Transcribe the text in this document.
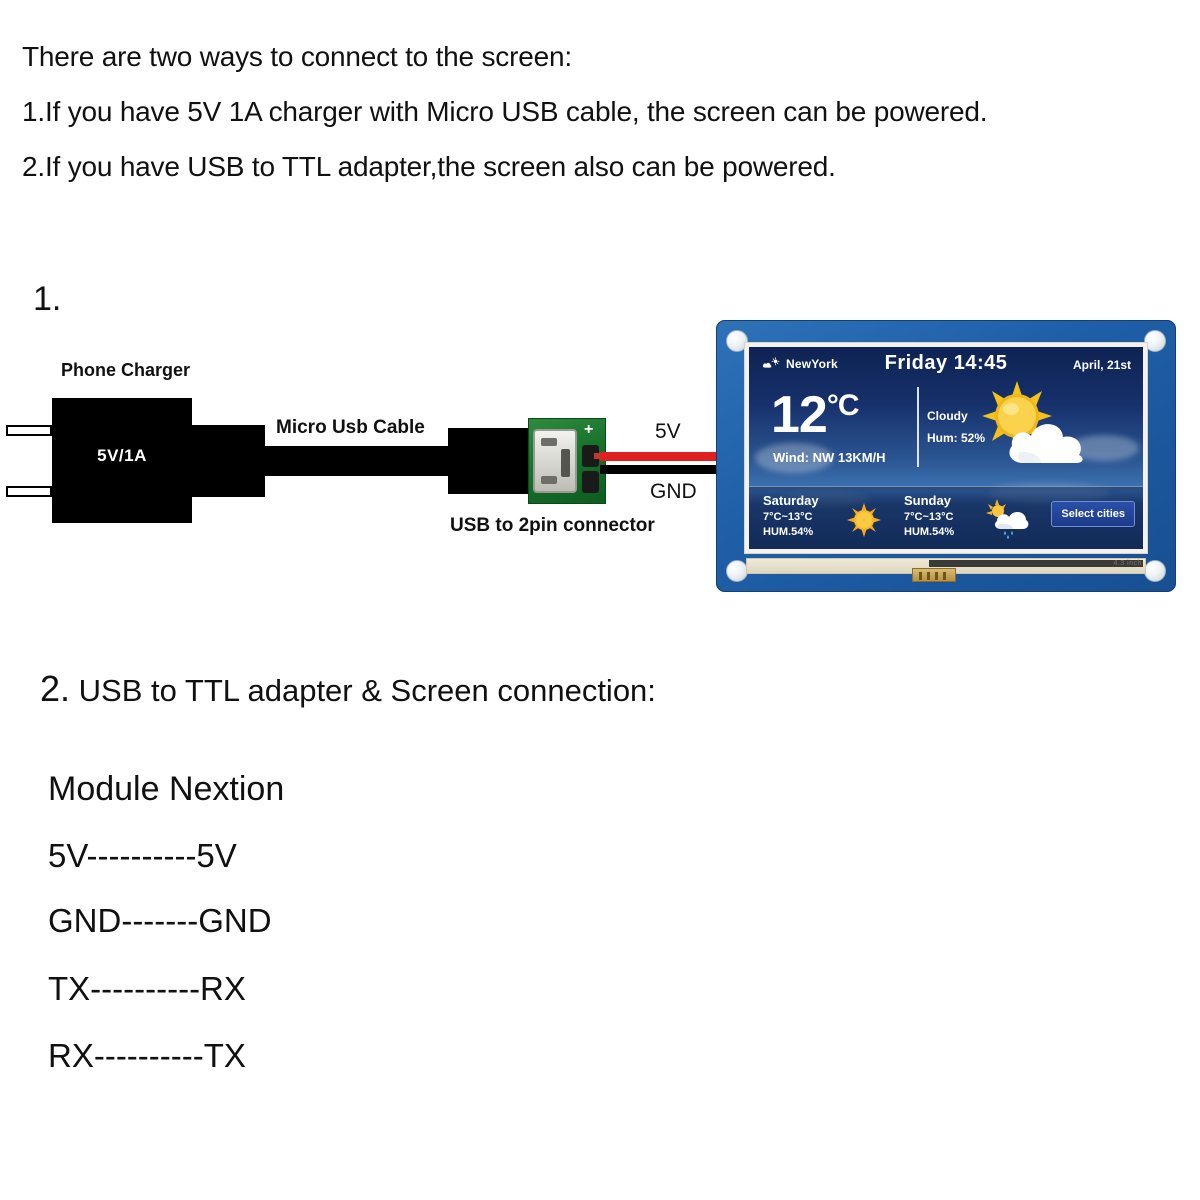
There are two ways to connect to the screen:
1.If you have 5V 1A charger with Micro USB cable, the screen can be powered.
2.If you have USB to TTL adapter,the screen also can be powered.
1.
Phone Charger
Micro Usb Cable
USB to 2pin connector
5V
GND
5V/1A
+
NewYork	Friday 14:45	April, 21st
$12^{^\circ C}$
Wind: NW 13KM/H
Cloudy
Hum: 52%
Saturday
7°C~13°C
HUM.54%
Sunday
7°C~13°C
HUM.54%
Select cities
4.3 inch
2. USB to TTL adapter & Screen connection:
Module Nextion
5V----------5V
GND-------GND
TX----------RX
RX----------TX
